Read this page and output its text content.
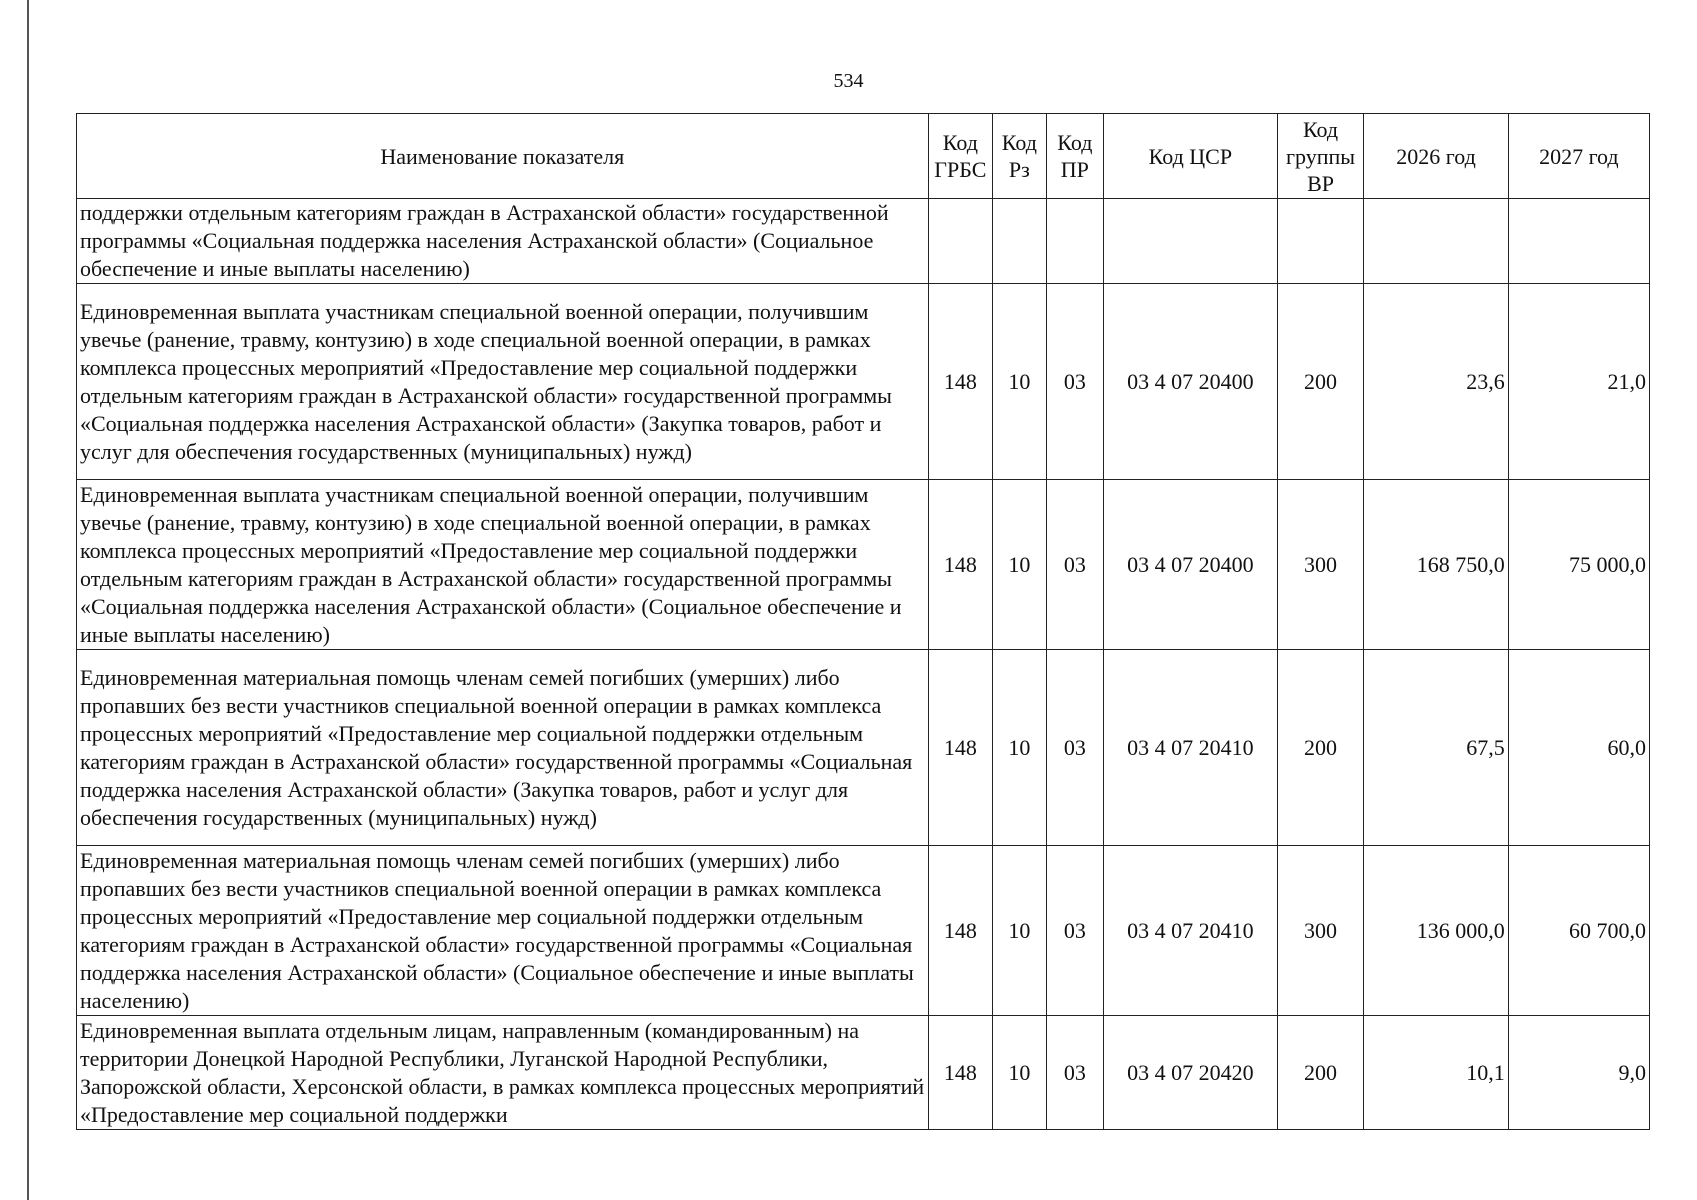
534
Наименование показателя	Код ГРБС	Код Рз	Код ПР	Код ЦСР	Код группы ВР	2026 год	2027 год
поддержки отдельным категориям граждан в Астраханской области» государственной программы «Социальная поддержка населения Астраханской области» (Социальное обеспечение и иные выплаты населению)							
Единовременная выплата участникам специальной военной операции, получившим увечье (ранение, травму, контузию) в ходе специальной военной операции, в рамках комплекса процессных мероприятий «Предоставление мер социальной поддержки отдельным категориям граждан в Астраханской области» государственной программы «Социальная поддержка населения Астраханской области» (Закупка товаров, работ и услуг для обеспечения государственных (муниципальных) нужд)	148	10	03	03 4 07 20400	200	23,6	21,0
Единовременная выплата участникам специальной военной операции, получившим увечье (ранение, травму, контузию) в ходе специальной военной операции, в рамках комплекса процессных мероприятий «Предоставление мер социальной поддержки отдельным категориям граждан в Астраханской области» государственной программы «Социальная поддержка населения Астраханской области» (Социальное обеспечение и иные выплаты населению)	148	10	03	03 4 07 20400	300	168 750,0	75 000,0
Единовременная материальная помощь членам семей погибших (умерших) либо пропавших без вести участников специальной военной операции в рамках комплекса процессных мероприятий «Предоставление мер социальной поддержки отдельным категориям граждан в Астраханской области» государственной программы «Социальная поддержка населения Астраханской области» (Закупка товаров, работ и услуг для обеспечения государственных (муниципальных) нужд)	148	10	03	03 4 07 20410	200	67,5	60,0
Единовременная материальная помощь членам семей погибших (умерших) либо пропавших без вести участников специальной военной операции в рамках комплекса процессных мероприятий «Предоставление мер социальной поддержки отдельным категориям граждан в Астраханской области» государственной программы «Социальная поддержка населения Астраханской области» (Социальное обеспечение и иные выплаты населению)	148	10	03	03 4 07 20410	300	136 000,0	60 700,0
Единовременная выплата отдельным лицам, направленным (командированным) на территории Донецкой Народной Республики, Луганской Народной Республики, Запорожской области, Херсонской области, в рамках комплекса процессных мероприятий «Предоставление мер социальной поддержки	148	10	03	03 4 07 20420	200	10,1	9,0
